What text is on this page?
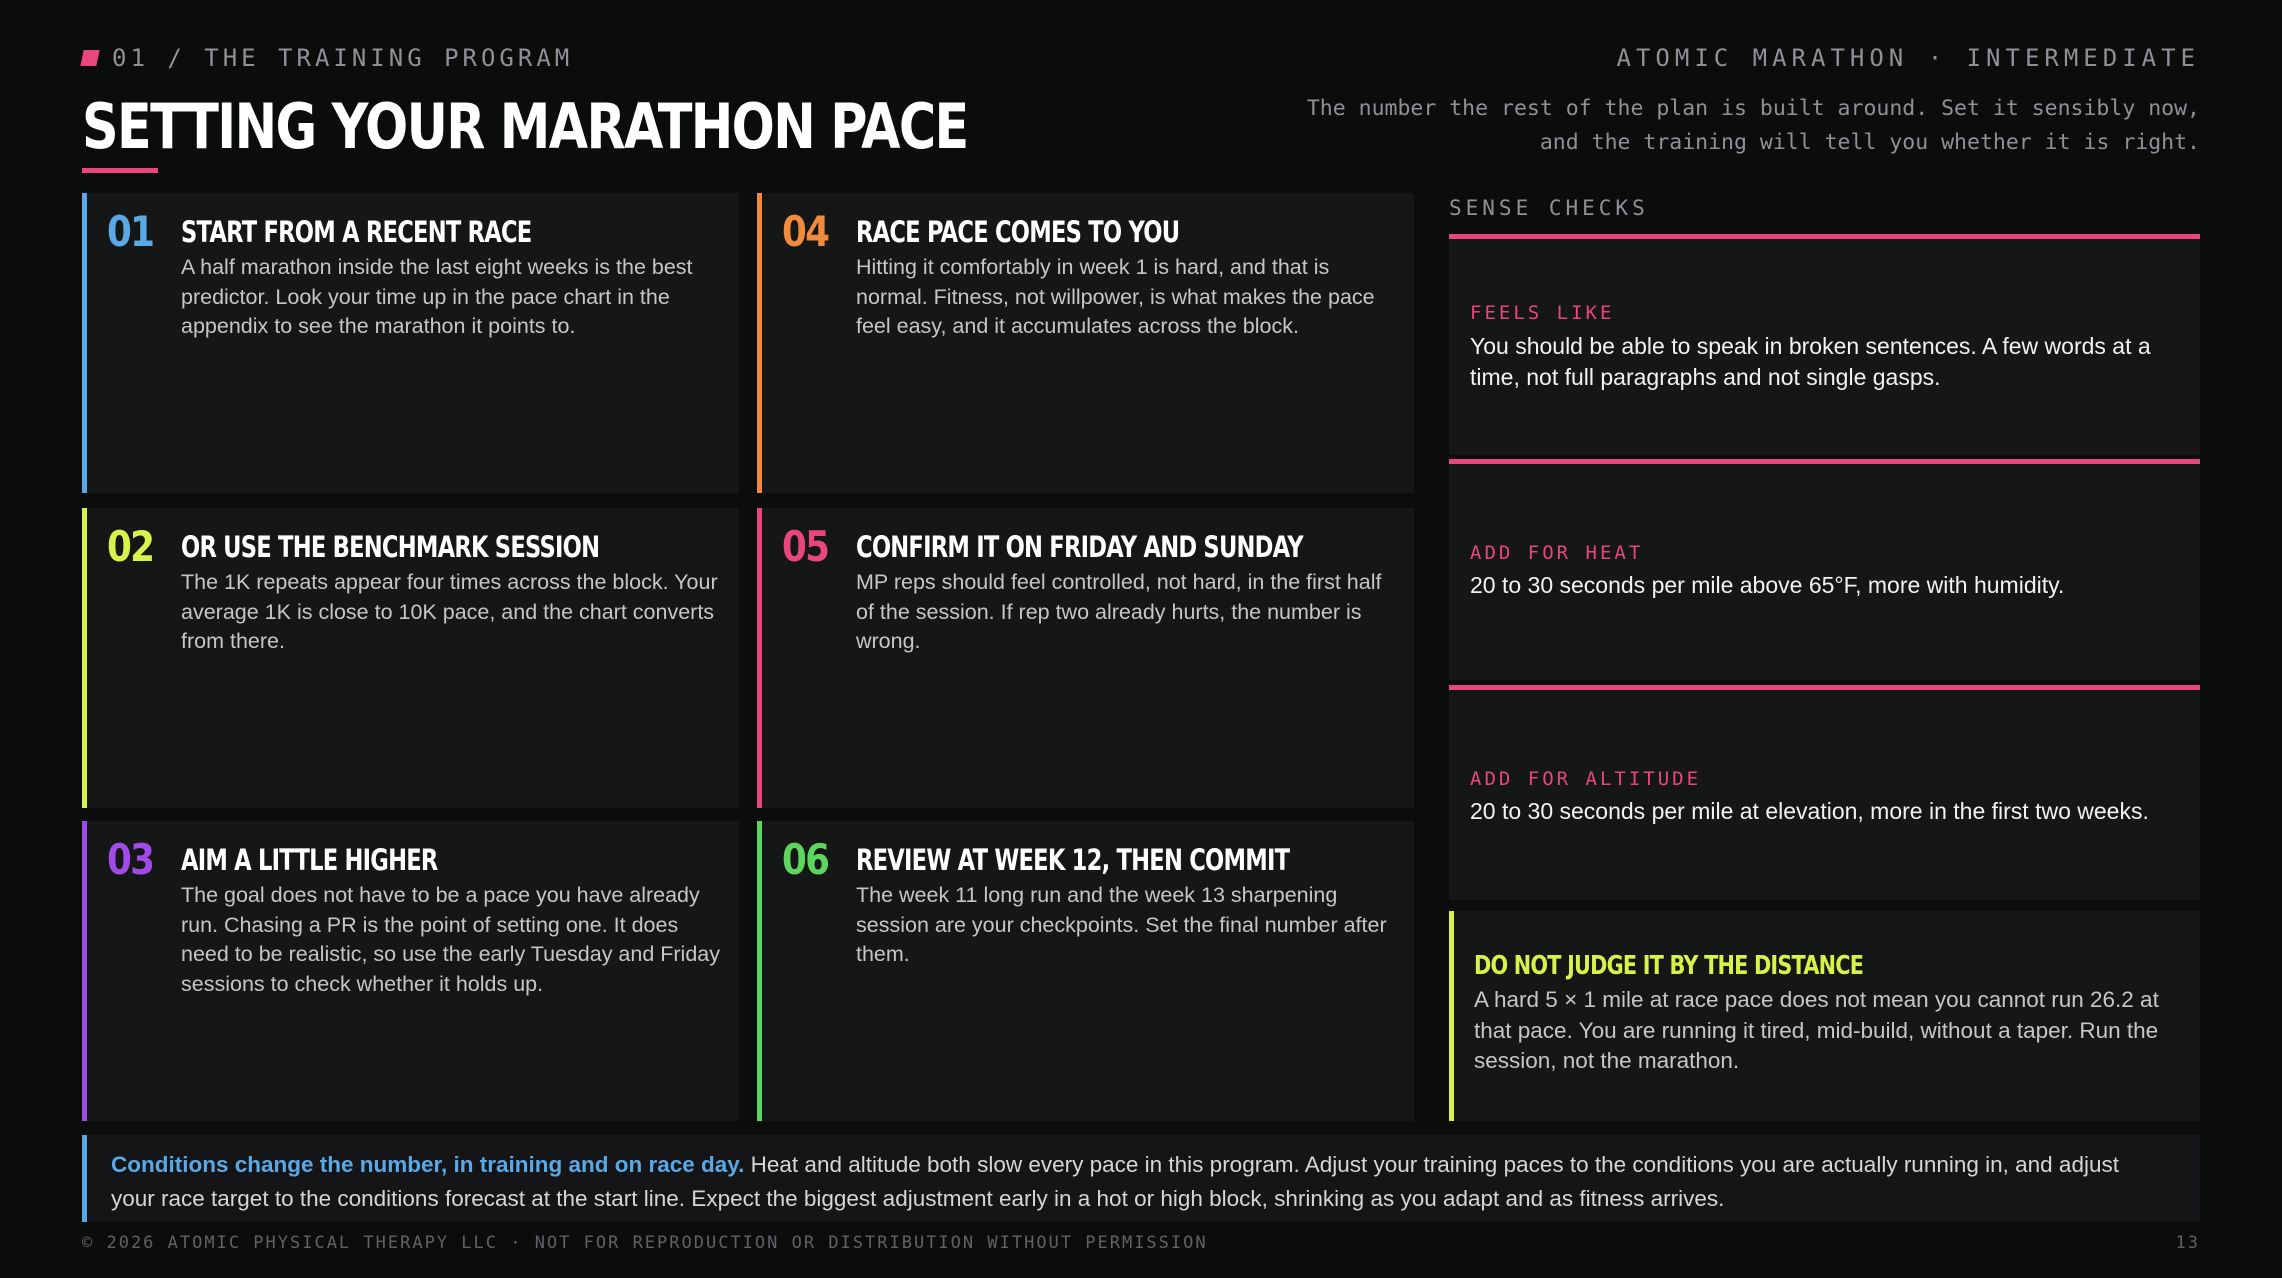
01 / THE TRAINING PROGRAM	ATOMIC MARATHON · INTERMEDIATE
SETTING YOUR MARATHON PACE	The number the rest of the plan is built around. Set it sensibly now,
and the training will tell you whether it is right.
01 START FROM A RECENT RACE
A half marathon inside the last eight weeks is the best predictor. Look your time up in the pace chart in the appendix to see the marathon it points to.
02 OR USE THE BENCHMARK SESSION
The 1K repeats appear four times across the block. Your average 1K is close to 10K pace, and the chart converts from there.
03 AIM A LITTLE HIGHER
The goal does not have to be a pace you have already run. Chasing a PR is the point of setting one. It does need to be realistic, so use the early Tuesday and Friday sessions to check whether it holds up.
04 RACE PACE COMES TO YOU
Hitting it comfortably in week 1 is hard, and that is normal. Fitness, not willpower, is what makes the pace feel easy, and it accumulates across the block.
05 CONFIRM IT ON FRIDAY AND SUNDAY
MP reps should feel controlled, not hard, in the first half of the session. If rep two already hurts, the number is wrong.
06 REVIEW AT WEEK 12, THEN COMMIT
The week 11 long run and the week 13 sharpening session are your checkpoints. Set the final number after them.
SENSE CHECKS
FEELS LIKE
You should be able to speak in broken sentences. A few words at a time, not full paragraphs and not single gasps.
ADD FOR HEAT
20 to 30 seconds per mile above 65°F, more with humidity.
ADD FOR ALTITUDE
20 to 30 seconds per mile at elevation, more in the first two weeks.
DO NOT JUDGE IT BY THE DISTANCE
A hard 5 × 1 mile at race pace does not mean you cannot run 26.2 at that pace. You are running it tired, mid-build, without a taper. Run the session, not the marathon.
Conditions change the number, in training and on race day. Heat and altitude both slow every pace in this program. Adjust your training paces to the conditions you are actually running in, and adjust your race target to the conditions forecast at the start line. Expect the biggest adjustment early in a hot or high block, shrinking as you adapt and as fitness arrives.
© 2026 ATOMIC PHYSICAL THERAPY LLC · NOT FOR REPRODUCTION OR DISTRIBUTION WITHOUT PERMISSION	13
